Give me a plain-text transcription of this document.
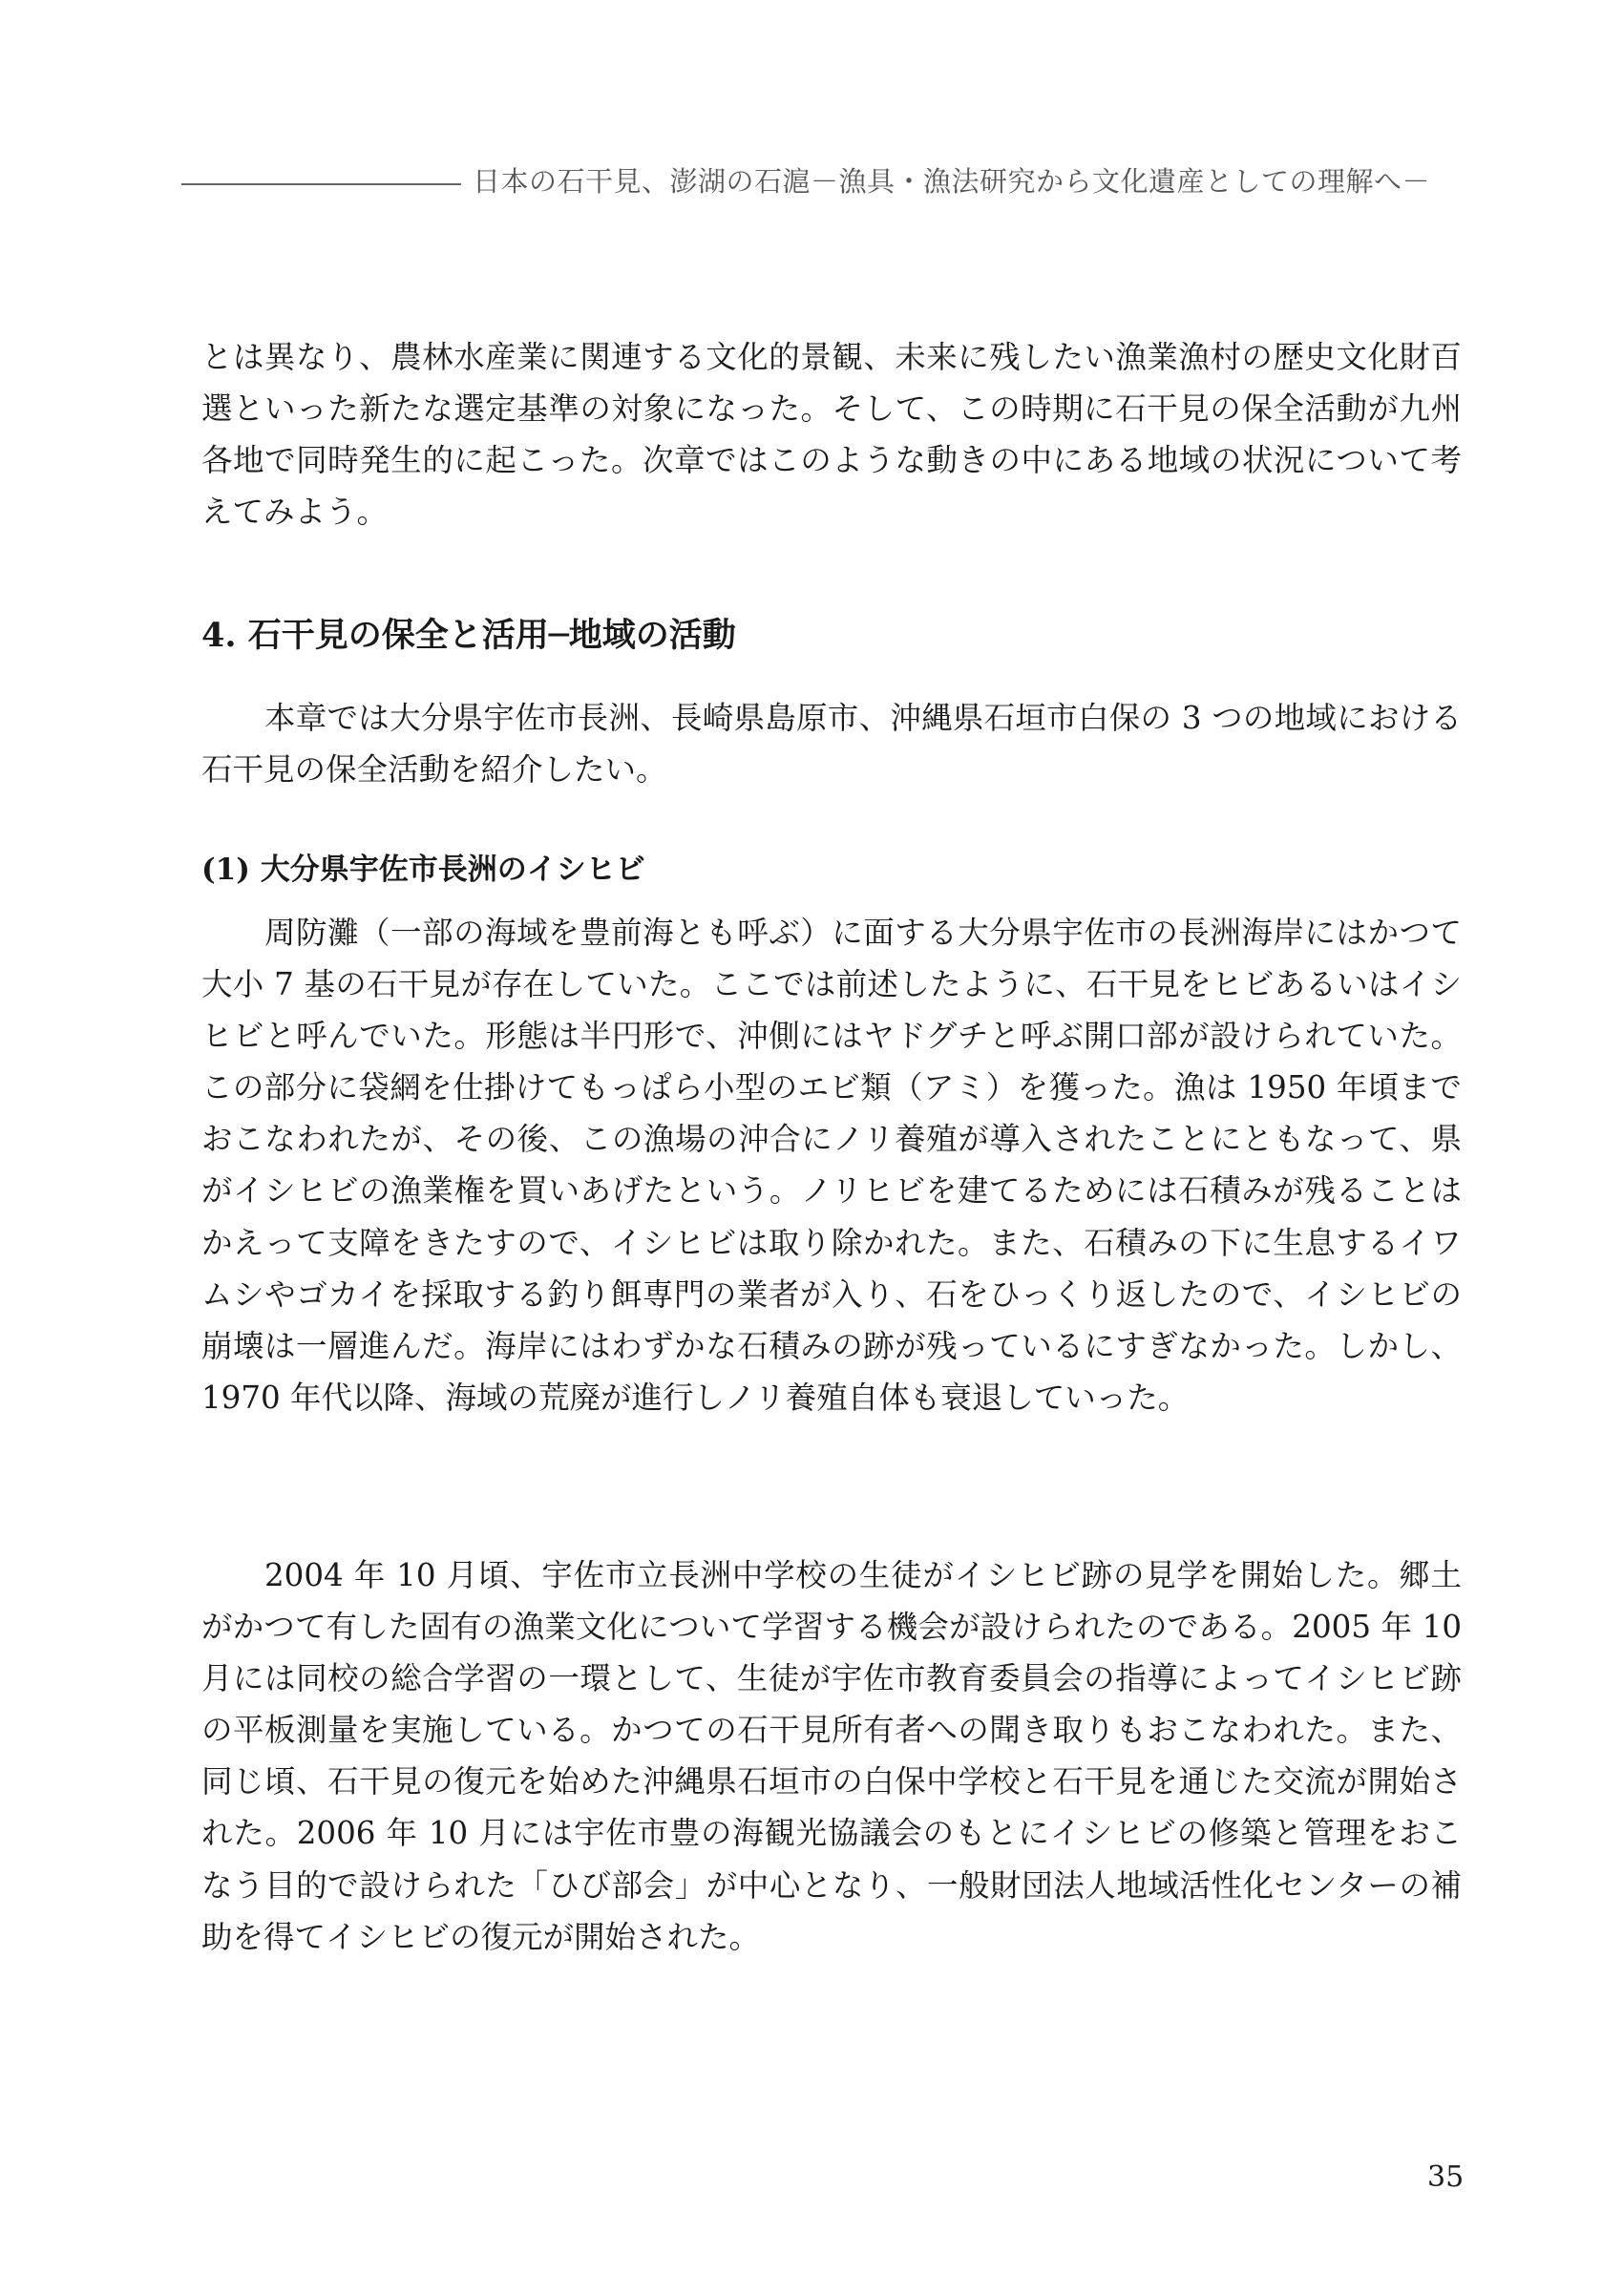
日本の石干見、澎湖の石滬－漁具・漁法研究から文化遺産としての理解へ－

とは異なり、農林水産業に関連する文化的景観、未来に残したい漁業漁村の歴史文化財百選といった新たな選定基準の対象になった。そして、この時期に石干見の保全活動が九州各地で同時発生的に起こった。次章ではこのような動きの中にある地域の状況について考えてみよう。

4. 石干見の保全と活用─地域の活動

本章では大分県宇佐市長洲、長崎県島原市、沖縄県石垣市白保の 3 つの地域における石干見の保全活動を紹介したい。

(1) 大分県宇佐市長洲のイシヒビ

周防灘（一部の海域を豊前海とも呼ぶ）に面する大分県宇佐市の長洲海岸にはかつて大小 7 基の石干見が存在していた。ここでは前述したように、石干見をヒビあるいはイシヒビと呼んでいた。形態は半円形で、沖側にはヤドグチと呼ぶ開口部が設けられていた。この部分に袋網を仕掛けてもっぱら小型のエビ類（アミ）を獲った。漁は 1950 年頃までおこなわれたが、その後、この漁場の沖合にノリ養殖が導入されたことにともなって、県がイシヒビの漁業権を買いあげたという。ノリヒビを建てるためには石積みが残ることはかえって支障をきたすので、イシヒビは取り除かれた。また、石積みの下に生息するイワムシやゴカイを採取する釣り餌専門の業者が入り、石をひっくり返したので、イシヒビの崩壊は一層進んだ。海岸にはわずかな石積みの跡が残っているにすぎなかった。しかし、1970 年代以降、海域の荒廃が進行しノリ養殖自体も衰退していった。

2004 年 10 月頃、宇佐市立長洲中学校の生徒がイシヒビ跡の見学を開始した。郷土がかつて有した固有の漁業文化について学習する機会が設けられたのである。2005 年 10 月には同校の総合学習の一環として、生徒が宇佐市教育委員会の指導によってイシヒビ跡の平板測量を実施している。かつての石干見所有者への聞き取りもおこなわれた。また、同じ頃、石干見の復元を始めた沖縄県石垣市の白保中学校と石干見を通じた交流が開始された。2006 年 10 月には宇佐市豊の海観光協議会のもとにイシヒビの修築と管理をおこなう目的で設けられた「ひび部会」が中心となり、一般財団法人地域活性化センターの補助を得てイシヒビの復元が開始された。

35
